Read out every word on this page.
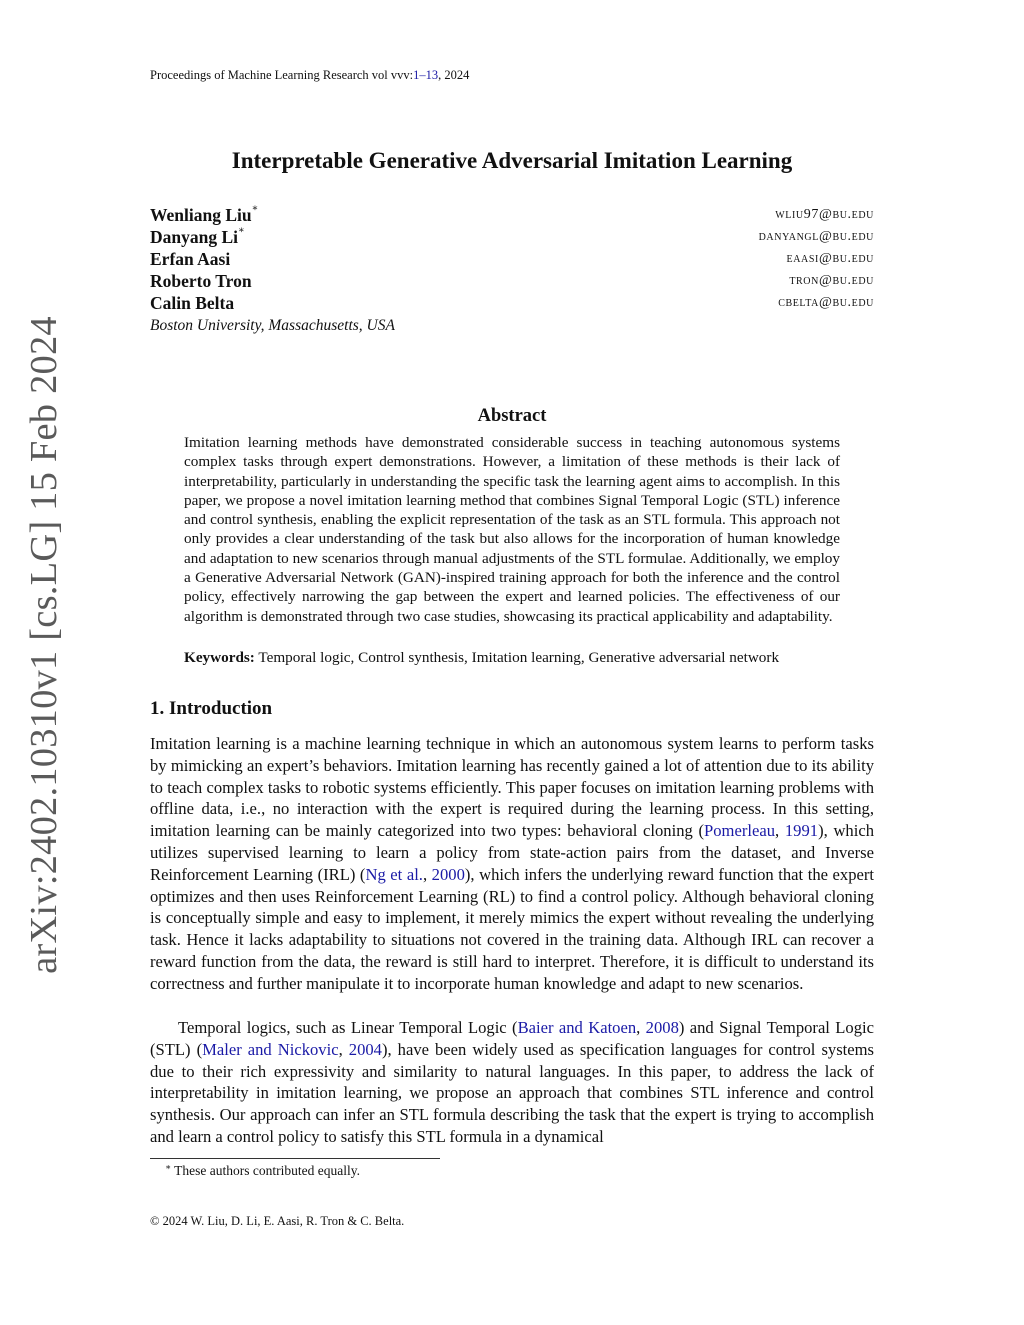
Proceedings of Machine Learning Research vol vvv:1–13, 2024
arXiv:2402.10310v1 [cs.LG] 15 Feb 2024
Interpretable Generative Adversarial Imitation Learning
Wenliang Liu∗	wliu97@bu.edu
Danyang Li∗	danyangl@bu.edu
Erfan Aasi	eaasi@bu.edu
Roberto Tron	tron@bu.edu
Calin Belta	cbelta@bu.edu
Boston University, Massachusetts, USA
Abstract
Imitation learning methods have demonstrated considerable success in teaching autonomous systems complex tasks through expert demonstrations. However, a limitation of these methods is their lack of interpretability, particularly in understanding the specific task the learning agent aims to accomplish. In this paper, we propose a novel imitation learning method that combines Signal Temporal Logic (STL) inference and control synthesis, enabling the explicit representation of the task as an STL formula. This approach not only provides a clear understanding of the task but also allows for the incorporation of human knowledge and adaptation to new scenarios through manual adjustments of the STL formulae. Additionally, we employ a Generative Adversarial Network (GAN)-inspired training approach for both the inference and the control policy, effectively narrowing the gap between the expert and learned policies. The effectiveness of our algorithm is demonstrated through two case studies, showcasing its practical applicability and adaptability.
Keywords: Temporal logic, Control synthesis, Imitation learning, Generative adversarial network
1. Introduction
Imitation learning is a machine learning technique in which an autonomous system learns to perform tasks by mimicking an expert’s behaviors. Imitation learning has recently gained a lot of attention due to its ability to teach complex tasks to robotic systems efficiently. This paper focuses on imitation learning problems with offline data, i.e., no interaction with the expert is required during the learning process. In this setting, imitation learning can be mainly categorized into two types: behavioral cloning (Pomerleau, 1991), which utilizes supervised learning to learn a policy from state-action pairs from the dataset, and Inverse Reinforcement Learning (IRL) (Ng et al., 2000), which infers the underlying reward function that the expert optimizes and then uses Reinforcement Learning (RL) to find a control policy. Although behavioral cloning is conceptually simple and easy to implement, it merely mimics the expert without revealing the underlying task. Hence it lacks adaptability to situations not covered in the training data. Although IRL can recover a reward function from the data, the reward is still hard to interpret. Therefore, it is difficult to understand its correctness and further manipulate it to incorporate human knowledge and adapt to new scenarios.
Temporal logics, such as Linear Temporal Logic (Baier and Katoen, 2008) and Signal Temporal Logic (STL) (Maler and Nickovic, 2004), have been widely used as specification languages for control systems due to their rich expressivity and similarity to natural languages. In this paper, to address the lack of interpretability in imitation learning, we propose an approach that combines STL inference and control synthesis. Our approach can infer an STL formula describing the task that the expert is trying to accomplish and learn a control policy to satisfy this STL formula in a dynamical
∗ These authors contributed equally.
© 2024 W. Liu, D. Li, E. Aasi, R. Tron & C. Belta.
